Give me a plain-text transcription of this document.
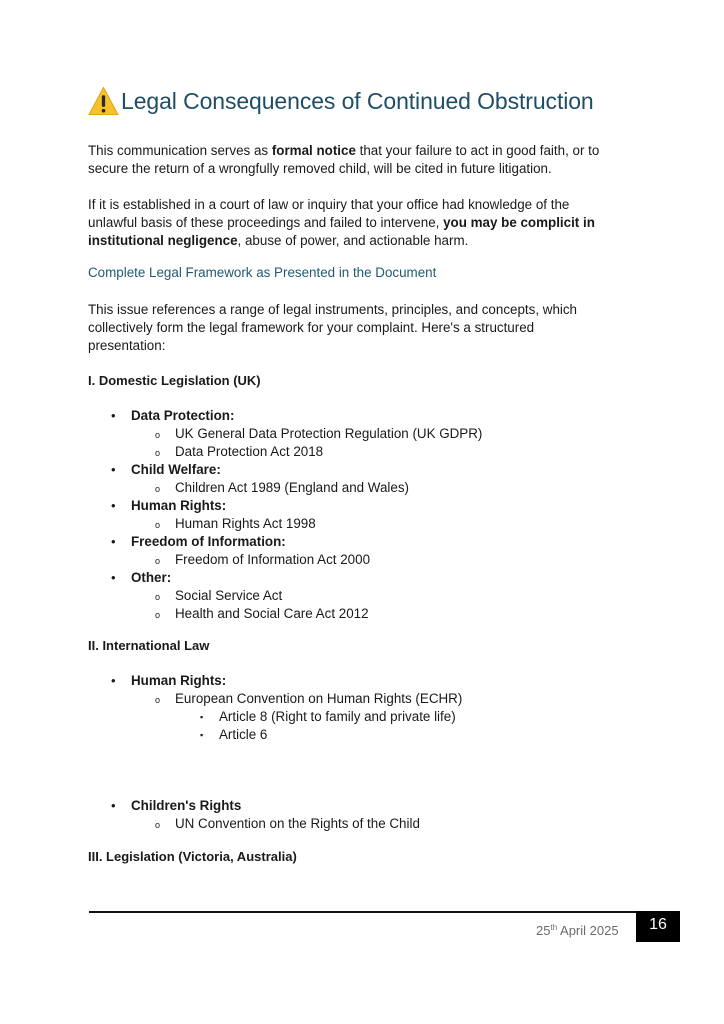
Legal Consequences of Continued Obstruction
This communication serves as formal notice that your failure to act in good faith, or to
secure the return of a wrongfully removed child, will be cited in future litigation.
If it is established in a court of law or inquiry that your office had knowledge of the
unlawful basis of these proceedings and failed to intervene, you may be complicit in
institutional negligence, abuse of power, and actionable harm.
Complete Legal Framework as Presented in the Document
This issue references a range of legal instruments, principles, and concepts, which
collectively form the legal framework for your complaint. Here's a structured
presentation:
I. Domestic Legislation (UK)
• Data Protection:
o UK General Data Protection Regulation (UK GDPR)
o Data Protection Act 2018
• Child Welfare:
o Children Act 1989 (England and Wales)
• Human Rights:
o Human Rights Act 1998
• Freedom of Information:
o Freedom of Information Act 2000
• Other:
o Social Service Act
o Health and Social Care Act 2012
II. International Law
• Human Rights:
o European Convention on Human Rights (ECHR)
▪ Article 8 (Right to family and private life)
▪ Article 6
• Children's Rights
o UN Convention on the Rights of the Child
III. Legislation (Victoria, Australia)
25th April 2025	16
